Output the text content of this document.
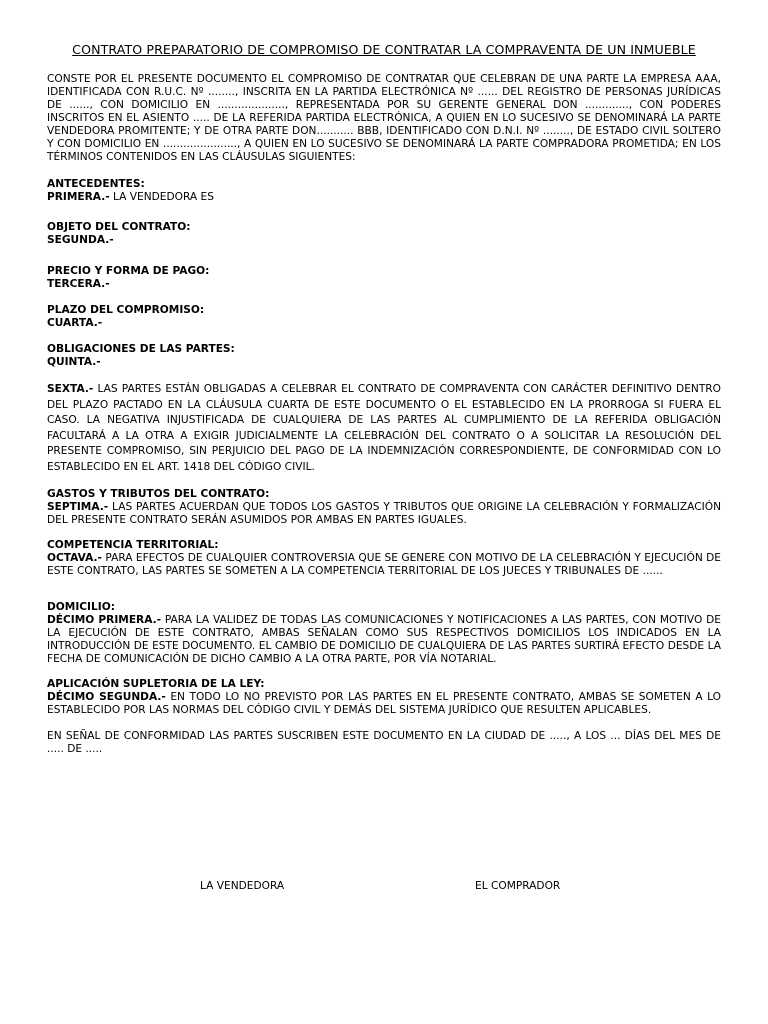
CONTRATO PREPARATORIO DE COMPROMISO DE CONTRATAR LA COMPRAVENTA DE UN INMUEBLE

CONSTE POR EL PRESENTE DOCUMENTO EL COMPROMISO DE CONTRATAR QUE CELEBRAN DE UNA PARTE LA EMPRESA AAA, IDENTIFICADA CON R.U.C. Nº ........, INSCRITA EN LA PARTIDA ELECTRÓNICA Nº ...... DEL REGISTRO DE PERSONAS JURÍDICAS DE ......, CON DOMICILIO EN ...................., REPRESENTADA POR SU GERENTE GENERAL DON ............., CON PODERES INSCRITOS EN EL ASIENTO ..... DE LA REFERIDA PARTIDA ELECTRÓNICA, A QUIEN EN LO SUCESIVO SE DENOMINARÁ LA PARTE VENDEDORA PROMITENTE; Y DE OTRA PARTE DON........... BBB, IDENTIFICADO CON D.N.I. Nº ........, DE ESTADO CIVIL SOLTERO Y CON DOMICILIO EN ......................, A QUIEN EN LO SUCESIVO SE DENOMINARÁ LA PARTE COMPRADORA PROMETIDA; EN LOS TÉRMINOS CONTENIDOS EN LAS CLÁUSULAS SIGUIENTES:

ANTECEDENTES:
PRIMERA.- LA VENDEDORA ES
OBJETO DEL CONTRATO:
SEGUNDA.-
PRECIO Y FORMA DE PAGO:
TERCERA.-
PLAZO DEL COMPROMISO:
CUARTA.-
OBLIGACIONES DE LAS PARTES:
QUINTA.-

SEXTA.- LAS PARTES ESTÁN OBLIGADAS A CELEBRAR EL CONTRATO DE COMPRAVENTA CON CARÁCTER DEFINITIVO DENTRO DEL PLAZO PACTADO EN LA CLÁUSULA CUARTA DE ESTE DOCUMENTO O EL ESTABLECIDO EN LA PRORROGA SI FUERA EL CASO. LA NEGATIVA INJUSTIFICADA DE CUALQUIERA DE LAS PARTES AL CUMPLIMIENTO DE LA REFERIDA OBLIGACIÓN FACULTARÁ A LA OTRA A EXIGIR JUDICIALMENTE LA CELEBRACIÓN DEL CONTRATO O A SOLICITAR LA RESOLUCIÓN DEL PRESENTE COMPROMISO, SIN PERJUICIO DEL PAGO DE LA INDEMNIZACIÓN CORRESPONDIENTE, DE CONFORMIDAD CON LO ESTABLECIDO EN EL ART. 1418 DEL CÓDIGO CIVIL.

GASTOS Y TRIBUTOS DEL CONTRATO:

SEPTIMA.- LAS PARTES ACUERDAN QUE TODOS LOS GASTOS Y TRIBUTOS QUE ORIGINE LA CELEBRACIÓN Y FORMALIZACIÓN DEL PRESENTE CONTRATO SERÁN ASUMIDOS POR AMBAS EN PARTES IGUALES.

COMPETENCIA TERRITORIAL:

OCTAVA.- PARA EFECTOS DE CUALQUIER CONTROVERSIA QUE SE GENERE CON MOTIVO DE LA CELEBRACIÓN Y EJECUCIÓN DE ESTE CONTRATO, LAS PARTES SE SOMETEN A LA COMPETENCIA TERRITORIAL DE LOS JUECES Y TRIBUNALES DE ......

DOMICILIO:

DÉCIMO PRIMERA.- PARA LA VALIDEZ DE TODAS LAS COMUNICACIONES Y NOTIFICACIONES A LAS PARTES, CON MOTIVO DE LA EJECUCIÓN DE ESTE CONTRATO, AMBAS SEÑALAN COMO SUS RESPECTIVOS DOMICILIOS LOS INDICADOS EN LA INTRODUCCIÓN DE ESTE DOCUMENTO. EL CAMBIO DE DOMICILIO DE CUALQUIERA DE LAS PARTES SURTIRÁ EFECTO DESDE LA FECHA DE COMUNICACIÓN DE DICHO CAMBIO A LA OTRA PARTE, POR VÍA NOTARIAL.

APLICACIÓN SUPLETORIA DE LA LEY:

DÉCIMO SEGUNDA.- EN TODO LO NO PREVISTO POR LAS PARTES EN EL PRESENTE CONTRATO, AMBAS SE SOMETEN A LO ESTABLECIDO POR LAS NORMAS DEL CÓDIGO CIVIL Y DEMÁS DEL SISTEMA JURÍDICO QUE RESULTEN APLICABLES.

EN SEÑAL DE CONFORMIDAD LAS PARTES SUSCRIBEN ESTE DOCUMENTO EN LA CIUDAD DE ....., A LOS ... DÍAS DEL MES DE ..... DE .....

LA VENDEDORA	EL COMPRADOR
